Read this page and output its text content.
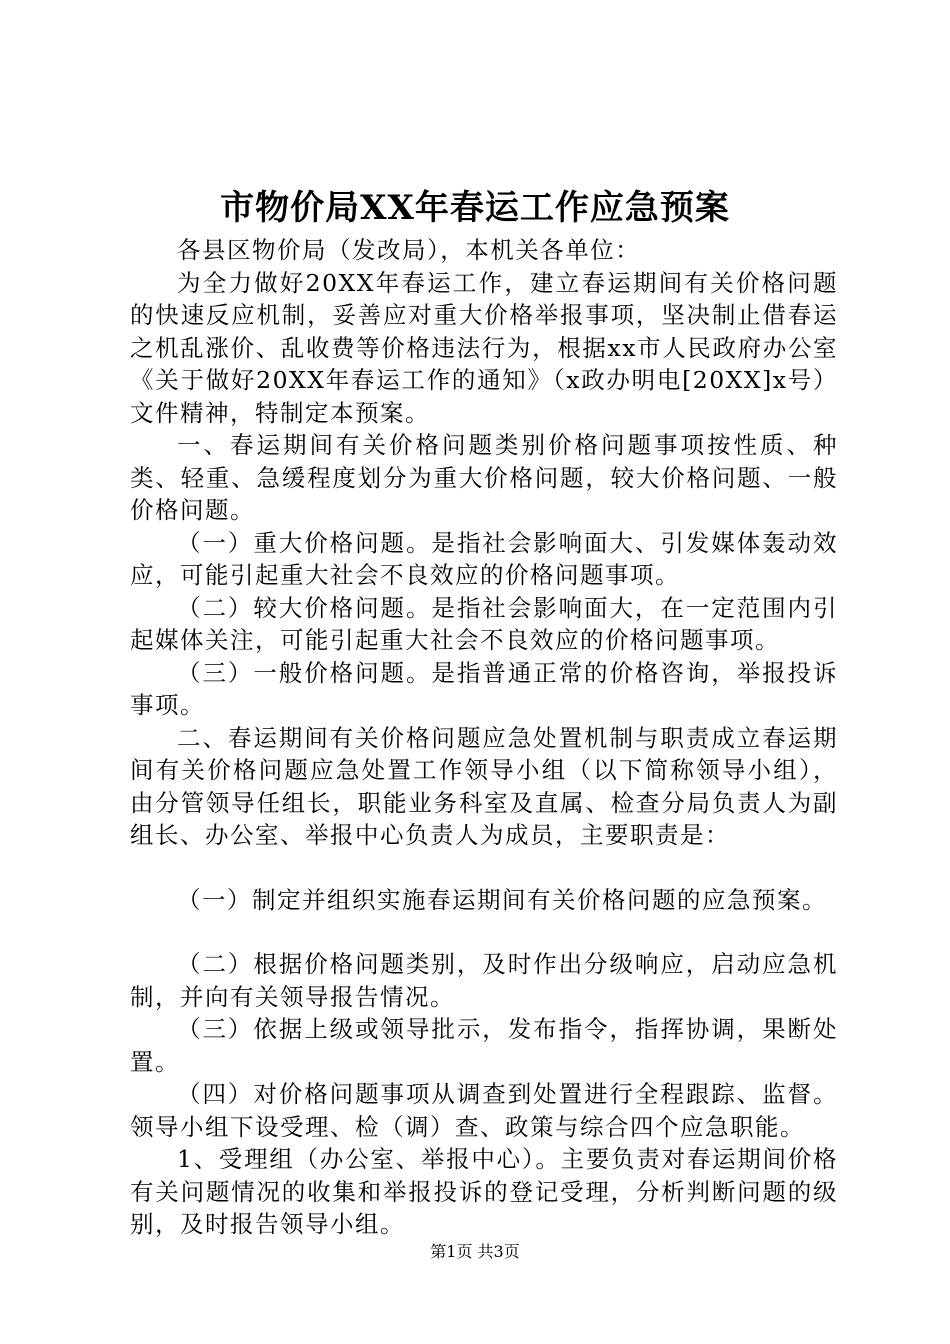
市物价局XX年春运工作应急预案

各县区物价局（发改局），本机关各单位：

为全力做好20XX年春运工作，建立春运期间有关价格问题的快速反应机制，妥善应对重大价格举报事项，坚决制止借春运之机乱涨价、乱收费等价格违法行为，根据xx市人民政府办公室《关于做好20XX年春运工作的通知》（x政办明电[20XX]x号）文件精神，特制定本预案。

一、春运期间有关价格问题类别价格问题事项按性质、种类、轻重、急缓程度划分为重大价格问题，较大价格问题、一般价格问题。

（一）重大价格问题。是指社会影响面大、引发媒体轰动效应，可能引起重大社会不良效应的价格问题事项。

（二）较大价格问题。是指社会影响面大，在一定范围内引起媒体关注，可能引起重大社会不良效应的价格问题事项。

（三）一般价格问题。是指普通正常的价格咨询，举报投诉事项。

二、春运期间有关价格问题应急处置机制与职责成立春运期间有关价格问题应急处置工作领导小组（以下简称领导小组），由分管领导任组长，职能业务科室及直属、检查分局负责人为副组长、办公室、举报中心负责人为成员，主要职责是：

（一）制定并组织实施春运期间有关价格问题的应急预案。

（二）根据价格问题类别，及时作出分级响应，启动应急机制，并向有关领导报告情况。

（三）依据上级或领导批示，发布指令，指挥协调，果断处置。

（四）对价格问题事项从调查到处置进行全程跟踪、监督。领导小组下设受理、检（调）查、政策与综合四个应急职能。

1、受理组（办公室、举报中心）。主要负责对春运期间价格有关问题情况的收集和举报投诉的登记受理，分析判断问题的级别，及时报告领导小组。

第1页 共3页
